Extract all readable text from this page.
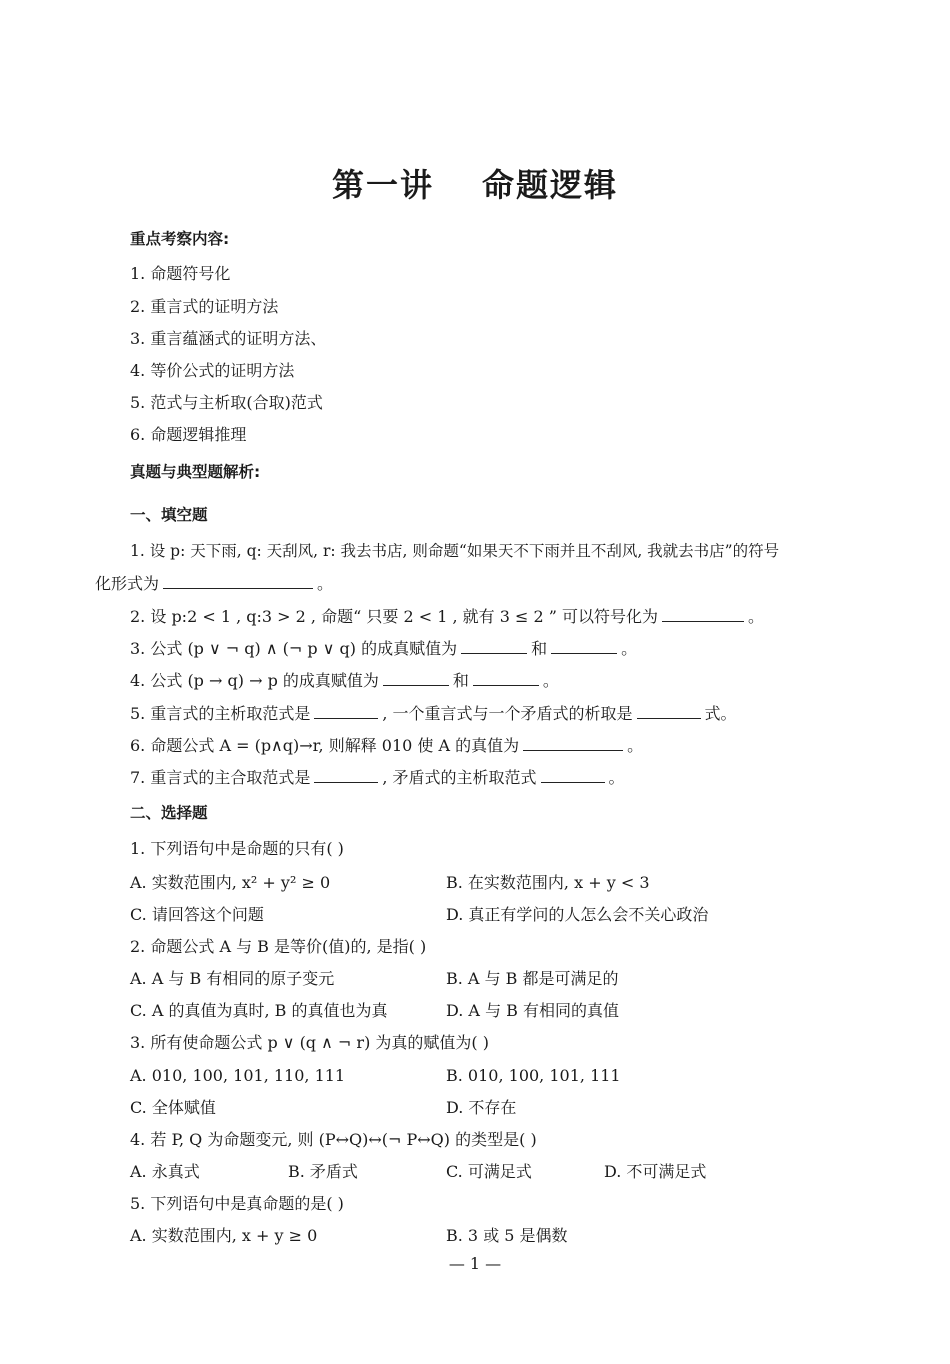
第一讲 命题逻辑
重点考察内容:
1. 命题符号化
2. 重言式的证明方法
3. 重言蕴涵式的证明方法、
4. 等价公式的证明方法
5. 范式与主析取(合取)范式
6. 命题逻辑推理
真题与典型题解析:
一、填空题
1. 设 p: 天下雨, q: 天刮风, r: 我去书店, 则命题“如果天不下雨并且不刮风, 我就去书店”的符号
化形式为	。
2. 设 p:2 < 1 , q:3 > 2 , 命题“ 只要 2 < 1 , 就有 3 ≤ 2 ” 可以符号化为	。
3. 公式 (p ∨ ¬ q) ∧ (¬ p ∨ q) 的成真赋值为	和	。
4. 公式 (p → q) → p 的成真赋值为	和	。
5. 重言式的主析取范式是	, 一个重言式与一个矛盾式的析取是	式。
6. 命题公式 A = (p∧q)→r, 则解释 010 使 A 的真值为	。
7. 重言式的主合取范式是	, 矛盾式的主析取范式	。
二、选择题
1. 下列语句中是命题的只有( )
A. 实数范围内, x² + y² ≥ 0	B. 在实数范围内, x + y < 3
C. 请回答这个问题	D. 真正有学问的人怎么会不关心政治
2. 命题公式 A 与 B 是等价(值)的, 是指( )
A. A 与 B 有相同的原子变元	B. A 与 B 都是可满足的
C. A 的真值为真时, B 的真值也为真	D. A 与 B 有相同的真值
3. 所有使命题公式 p ∨ (q ∧ ¬ r) 为真的赋值为( )
A. 010, 100, 101, 110, 111	B. 010, 100, 101, 111
C. 全体赋值	D. 不存在
4. 若 P, Q 为命题变元, 则 (P↔Q)↔(¬ P↔Q) 的类型是( )
A. 永真式	B. 矛盾式	C. 可满足式	D. 不可满足式
5. 下列语句中是真命题的是( )
A. 实数范围内, x + y ≥ 0	B. 3 或 5 是偶数
— 1 —
